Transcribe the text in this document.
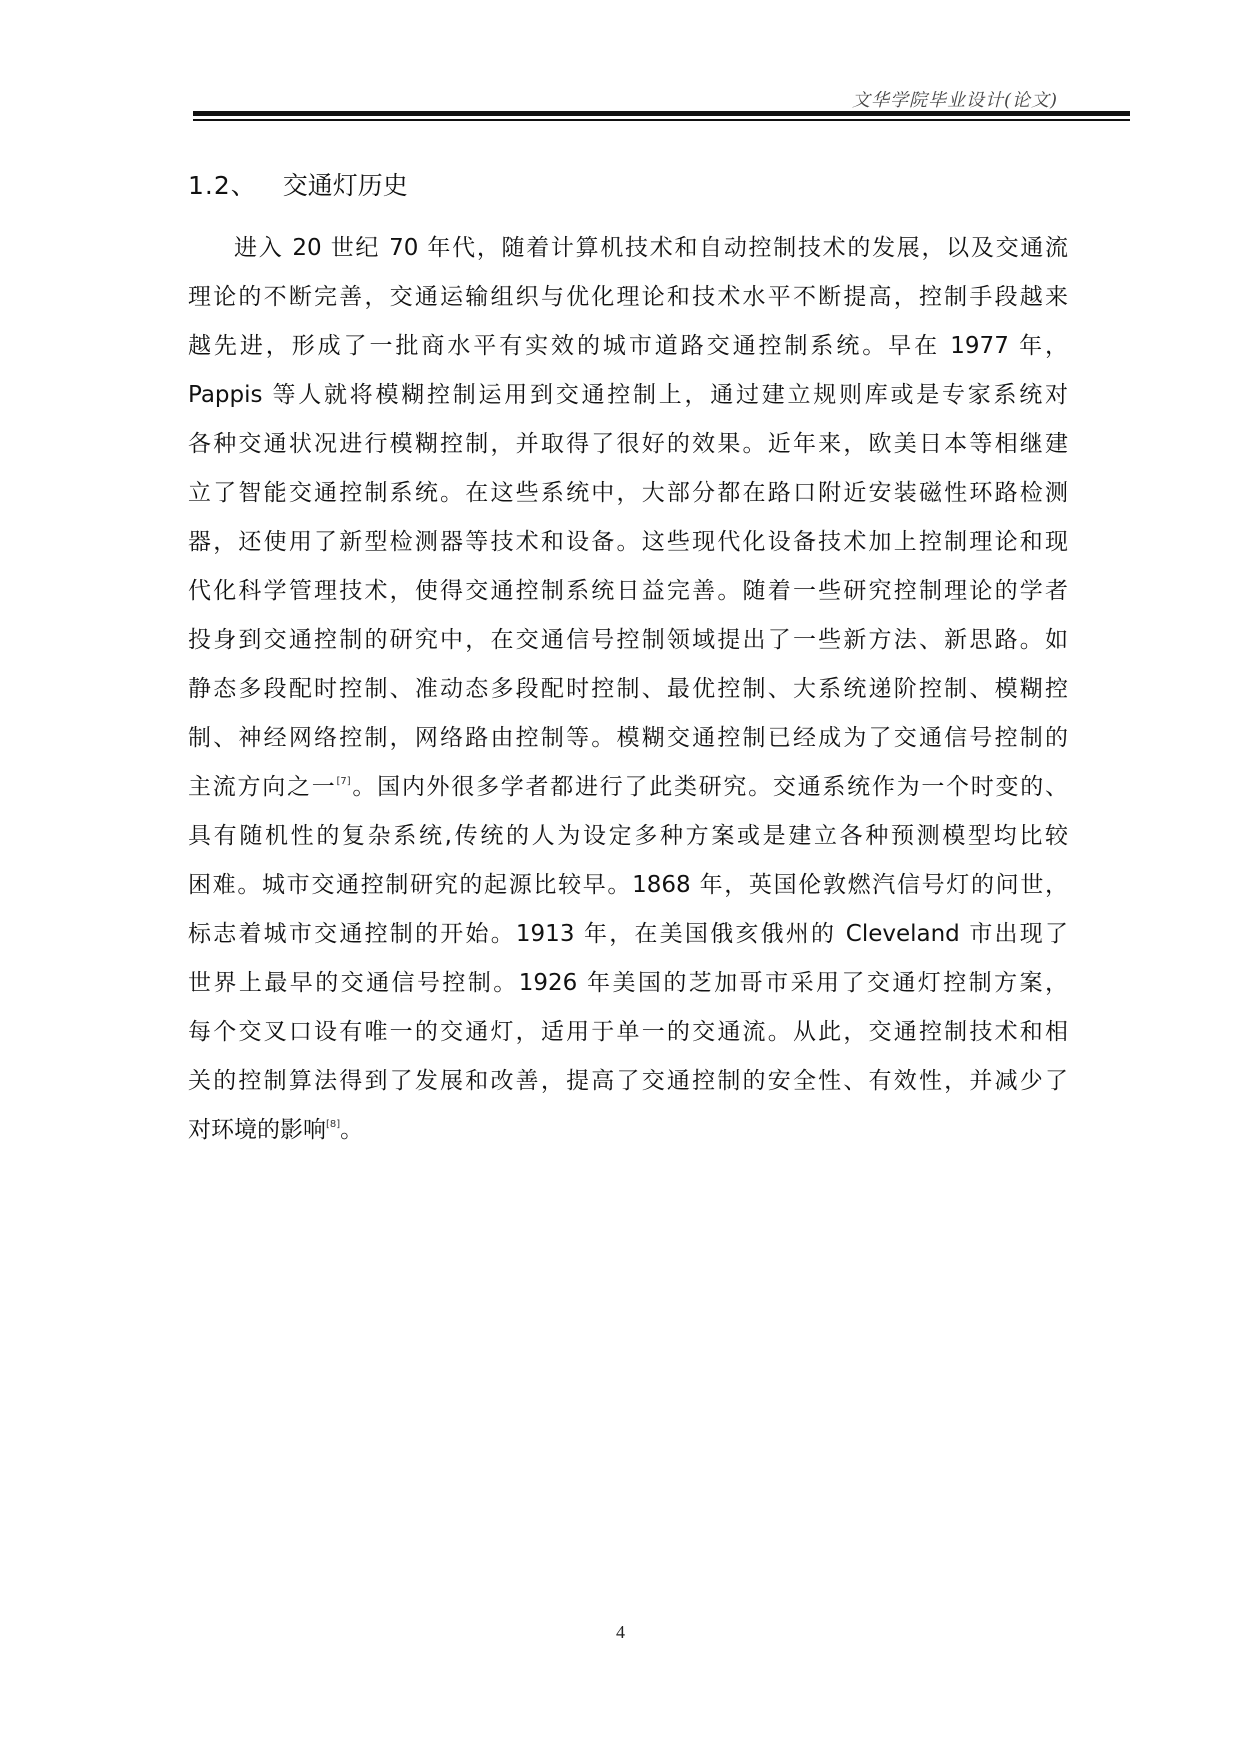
文华学院毕业设计(论文)
1.2、 交通灯历史
进入 20 世纪 70 年代，随着计算机技术和自动控制技术的发展，以及交通流
理论的不断完善，交通运输组织与优化理论和技术水平不断提高，控制手段越来
越先进，形成了一批商水平有实效的城市道路交通控制系统。早在 1977 年，
Pappis 等人就将模糊控制运用到交通控制上，通过建立规则库或是专家系统对
各种交通状况进行模糊控制，并取得了很好的效果。近年来，欧美日本等相继建
立了智能交通控制系统。在这些系统中，大部分都在路口附近安装磁性环路检测
器，还使用了新型检测器等技术和设备。这些现代化设备技术加上控制理论和现
代化科学管理技术，使得交通控制系统日益完善。随着一些研究控制理论的学者
投身到交通控制的研究中，在交通信号控制领域提出了一些新方法、新思路。如
静态多段配时控制、准动态多段配时控制、最优控制、大系统递阶控制、模糊控
制、神经网络控制，网络路由控制等。模糊交通控制已经成为了交通信号控制的
主流方向之一[7]。国内外很多学者都进行了此类研究。交通系统作为一个时变的、
具有随机性的复杂系统,传统的人为设定多种方案或是建立各种预测模型均比较
困难。城市交通控制研究的起源比较早。1868 年，英国伦敦燃汽信号灯的问世，
标志着城市交通控制的开始。1913 年，在美国俄亥俄州的 Cleveland 市出现了
世界上最早的交通信号控制。1926 年美国的芝加哥市采用了交通灯控制方案，
每个交叉口设有唯一的交通灯，适用于单一的交通流。从此，交通控制技术和相
关的控制算法得到了发展和改善，提高了交通控制的安全性、有效性，并减少了
对环境的影响[8]。
4
